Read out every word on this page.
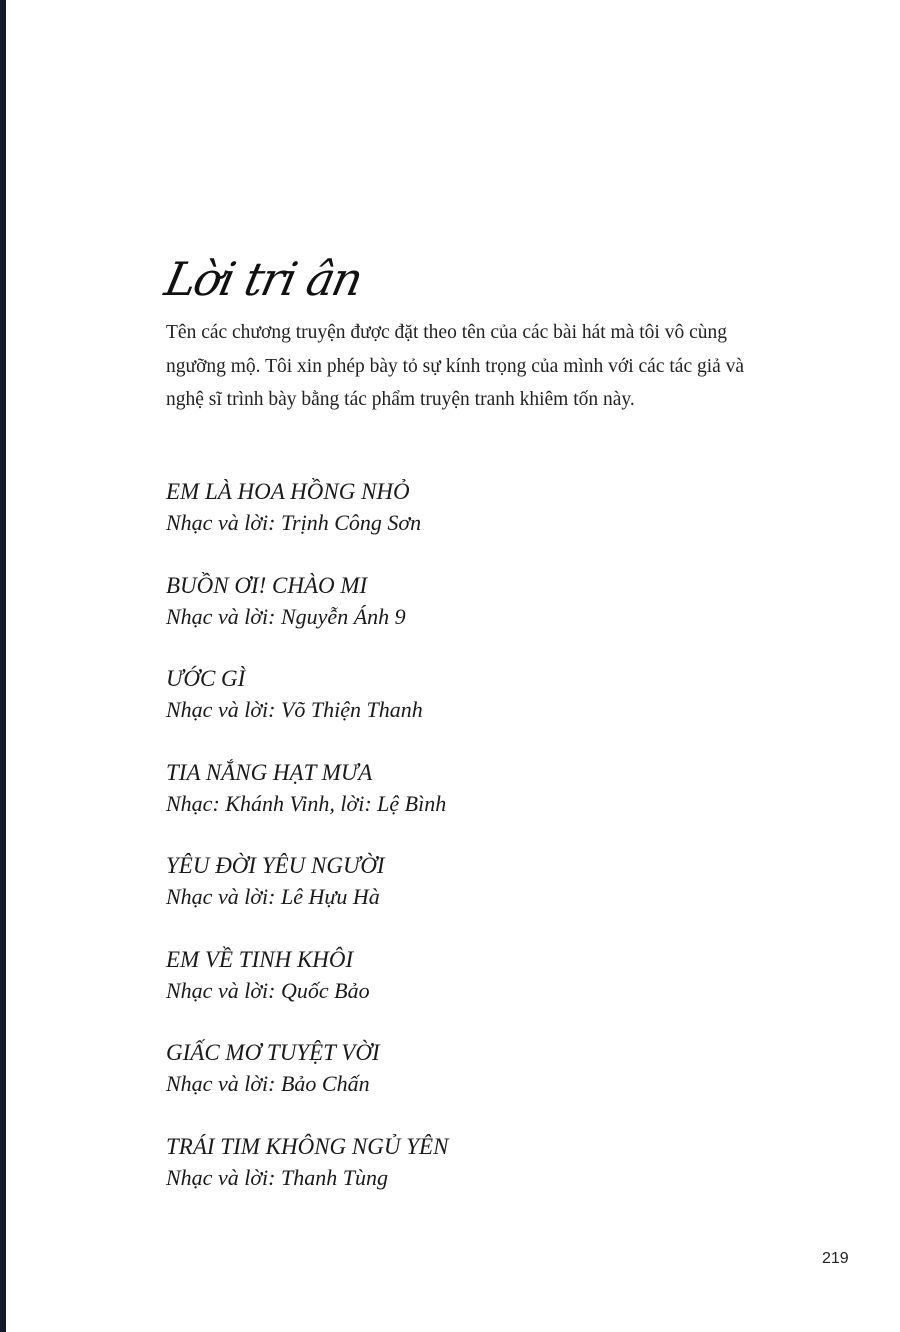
Lời tri ân
Tên các chương truyện được đặt theo tên của các bài hát mà tôi vô cùng ngưỡng mộ. Tôi xin phép bày tỏ sự kính trọng của mình với các tác giả và nghệ sĩ trình bày bằng tác phẩm truyện tranh khiêm tốn này.
EM LÀ HOA HỒNG NHỎ
Nhạc và lời: Trịnh Công Sơn
BUỒN ƠI! CHÀO MI
Nhạc và lời: Nguyễn Ánh 9
ƯỚC GÌ
Nhạc và lời: Võ Thiện Thanh
TIA NẮNG HẠT MƯA
Nhạc: Khánh Vinh, lời: Lệ Bình
YÊU ĐỜI YÊU NGƯỜI
Nhạc và lời: Lê Hựu Hà
EM VỀ TINH KHÔI
Nhạc và lời: Quốc Bảo
GIẤC MƠ TUYỆT VỜI
Nhạc và lời: Bảo Chấn
TRÁI TIM KHÔNG NGỦ YÊN
Nhạc và lời: Thanh Tùng
219
